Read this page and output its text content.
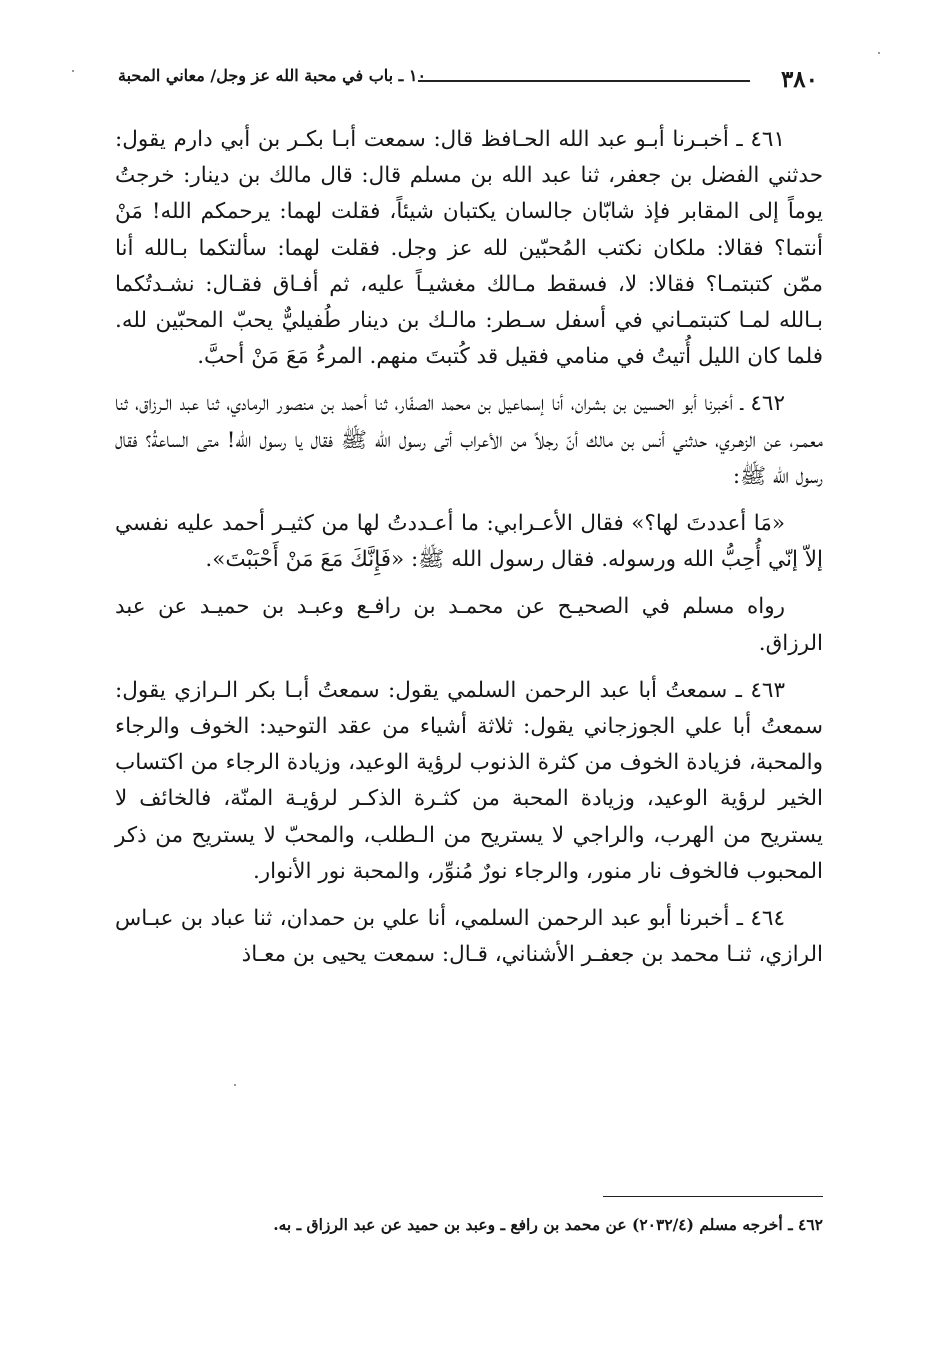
٣٨٠
١٠ ـ باب في محبة الله عز وجل/ معاني المحبة

٤٦١ ـ أخبـرنا أبـو عبد الله الحـافظ قال: سمعت أبـا بكـر بن أبي دارم يقول: حدثني الفضل بن جعفر، ثنا عبد الله بن مسلم قال: قال مالك بن دينار: خرجتُ يوماً إلى المقابر فإذ شابّان جالسان يكتبان شيئاً، فقلت لهما: يرحمكم الله! مَنْ أنتما؟ فقالا: ملكان نكتب المُحبّين لله عز وجل. فقلت لهما: سألتكما بـالله أنا ممّن كتبتمـا؟ فقالا: لا، فسقط مـالك مغشيـاً عليه، ثم أفـاق فقـال: نشـدتُكما بـالله لمـا كتبتمـاني في أسفل سـطر: مالـك بن دينار طُفيليٌّ يحبّ المحبّين لله. فلما كان الليل أُتيتُ في منامي فقيل قد كُتبتَ منهم. المرءُ مَعَ مَنْ أحبَّ.

٤٦٢ ـ أخبرنا أبو الحسين بن بشران، أنا إسماعيل بن محمد الصفّار، ثنا أحمد بن منصور الرمادي، ثنا عبد الـرزاق، ثنا معمـر، عن الزهـري، حدثني أنس بن مالك أنّ رجلاً من الأعراب أتى رسول الله ﷺ فقال يا رسول الله! متى الساعةُ؟ فقال رسول الله ﷺ:

«مَا أعددتَ لها؟» فقال الأعـرابي: ما أعـددتُ لها من كثيـر أحمد عليه نفسي إلاّ إنّي أُحِبُّ الله ورسوله. فقال رسول الله ﷺ: «فَإِنَّكَ مَعَ مَنْ أَحْبَبْتَ».

رواه مسلم في الصحيـح عن محمـد بن رافـع وعبـد بن حميـد عن عبد الرزاق.

٤٦٣ ـ سمعتُ أبا عبد الرحمن السلمي يقول: سمعتُ أبـا بكر الـرازي يقول: سمعتُ أبا علي الجوزجاني يقول: ثلاثة أشياء من عقد التوحيد: الخوف والرجاء والمحبة، فزيادة الخوف من كثرة الذنوب لرؤية الوعيد، وزيادة الرجاء من اكتساب الخير لرؤية الوعيد، وزيادة المحبة من كثـرة الذكـر لرؤيـة المنّة، فالخائف لا يستريح من الهرب، والراجي لا يستريح من الـطلب، والمحبّ لا يستريح من ذكر المحبوب فالخوف نار منور، والرجاء نورٌ مُنوِّر، والمحبة نور الأنوار.

٤٦٤ ـ أخبرنا أبو عبد الرحمن السلمي، أنا علي بن حمدان، ثنا عباد بن عبـاس الرازي، ثنـا محمد بن جعفـر الأشناني، قـال: سمعت يحيى بن معـاذ

٤٦٢ ـ أخرجه مسلم (٢٠٣٢/٤) عن محمد بن رافع ـ وعبد بن حميد عن عبد الرزاق ـ به.
